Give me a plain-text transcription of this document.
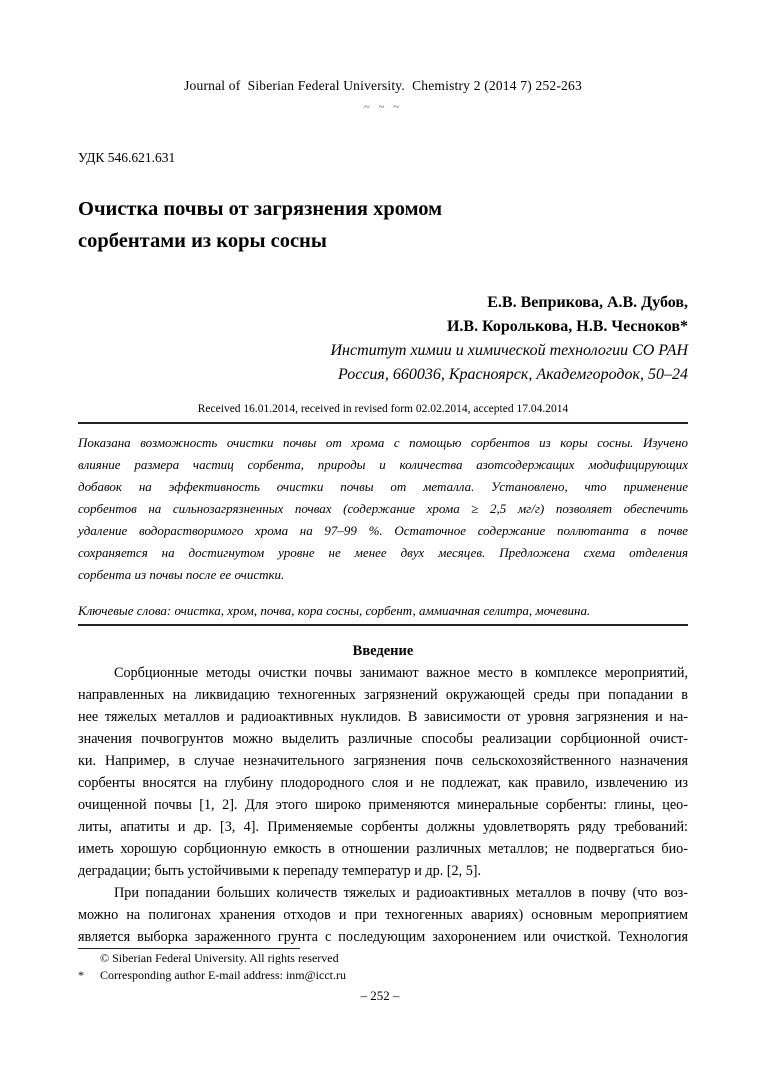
Journal of  Siberian Federal University.  Chemistry 2 (2014 7) 252-263
~ ~ ~
УДК 546.621.631
Очистка почвы от загрязнения хромом
сорбентами из коры сосны
Е.В. Веприкова, А.В. Дубов,
И.В. Королькова, Н.В. Чесноков*
Институт химии и химической технологии СО РАН
Россия, 660036, Красноярск, Академгородок, 50–24
Received 16.01.2014, received in revised form 02.02.2014, accepted 17.04.2014
Показана возможность очистки почвы от хрома с помощью сорбентов из коры сосны. Изучено
влияние размера частиц сорбента, природы и количества азотсодержащих модифицирующих
добавок на эффективность очистки почвы от металла. Установлено, что применение
сорбентов на сильнозагрязненных почвах (содержание хрома ≥ 2,5 мг/г) позволяет обеспечить
удаление водорастворимого хрома на 97–99 %. Остаточное содержание поллютанта в почве
сохраняется на достигнутом уровне не менее двух месяцев. Предложена схема отделения
сорбента из почвы после ее очистки.
Ключевые слова: очистка, хром, почва, кора сосны, сорбент, аммиачная селитра, мочевина.
Введение
Сорбционные методы очистки почвы занимают важное место в комплексе мероприятий,
направленных на ликвидацию техногенных загрязнений окружающей среды при попадании в
нее тяжелых металлов и радиоактивных нуклидов. В зависимости от уровня загрязнения и на-
значения почвогрунтов можно выделить различные способы реализации сорбционной очист-
ки. Например, в случае незначительного загрязнения почв сельскохозяйственного назначения
сорбенты вносятся на глубину плодородного слоя и не подлежат, как правило, извлечению из
очищенной почвы [1, 2]. Для этого широко применяются минеральные сорбенты: глины, цео-
литы, апатиты и др. [3, 4]. Применяемые сорбенты должны удовлетворять ряду требований:
иметь хорошую сорбционную емкость в отношении различных металлов; не подвергаться био-
деградации; быть устойчивыми к перепаду температур и др. [2, 5].
При попадании больших количеств тяжелых и радиоактивных металлов в почву (что воз-
можно на полигонах хранения отходов и при техногенных авариях) основным мероприятием
является выборка зараженного грунта с последующим захоронением или очисткой. Технология
© Siberian Federal University. All rights reserved
*	Corresponding author E-mail address: inm@icct.ru
– 252 –
